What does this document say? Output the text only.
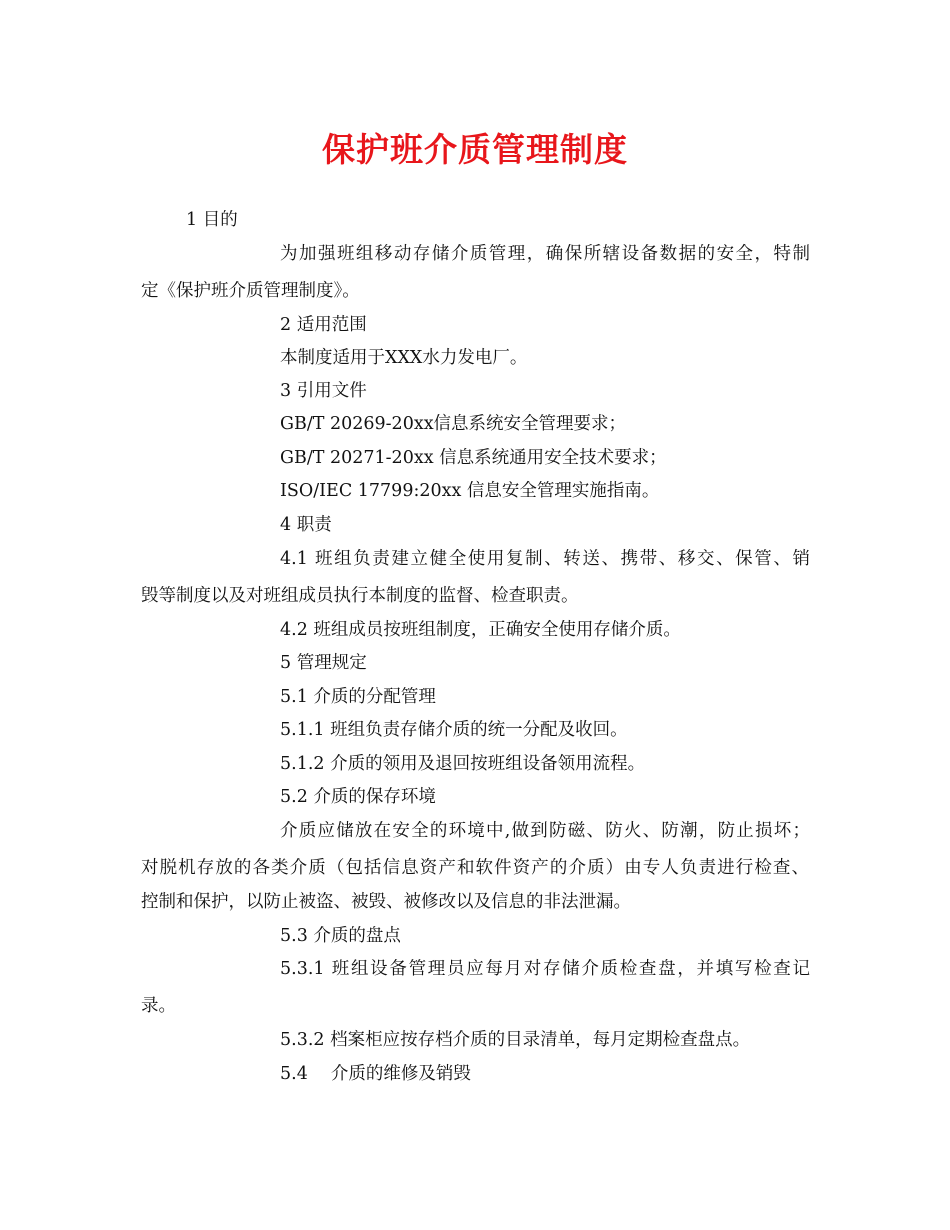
保护班介质管理制度
1 目的
为加强班组移动存储介质管理，确保所辖设备数据的安全，特制
定《保护班介质管理制度》。
2 适用范围
本制度适用于XXX水力发电厂。
3 引用文件
GB/T 20269-20xx信息系统安全管理要求；
GB/T 20271-20xx 信息系统通用安全技术要求；
ISO/IEC 17799:20xx 信息安全管理实施指南。
4 职责
4.1 班组负责建立健全使用复制、转送、携带、移交、保管、销
毁等制度以及对班组成员执行本制度的监督、检查职责。
4.2 班组成员按班组制度，正确安全使用存储介质。
5 管理规定
5.1 介质的分配管理
5.1.1 班组负责存储介质的统一分配及收回。
5.1.2 介质的领用及退回按班组设备领用流程。
5.2 介质的保存环境
介质应储放在安全的环境中,做到防磁、防火、防潮，防止损坏；
对脱机存放的各类介质（包括信息资产和软件资产的介质）由专人负责进行检查、
控制和保护，以防止被盗、被毁、被修改以及信息的非法泄漏。
5.3 介质的盘点
5.3.1 班组设备管理员应每月对存储介质检查盘，并填写检查记
录。
5.3.2 档案柜应按存档介质的目录清单，每月定期检查盘点。
5.4　 介质的维修及销毁
